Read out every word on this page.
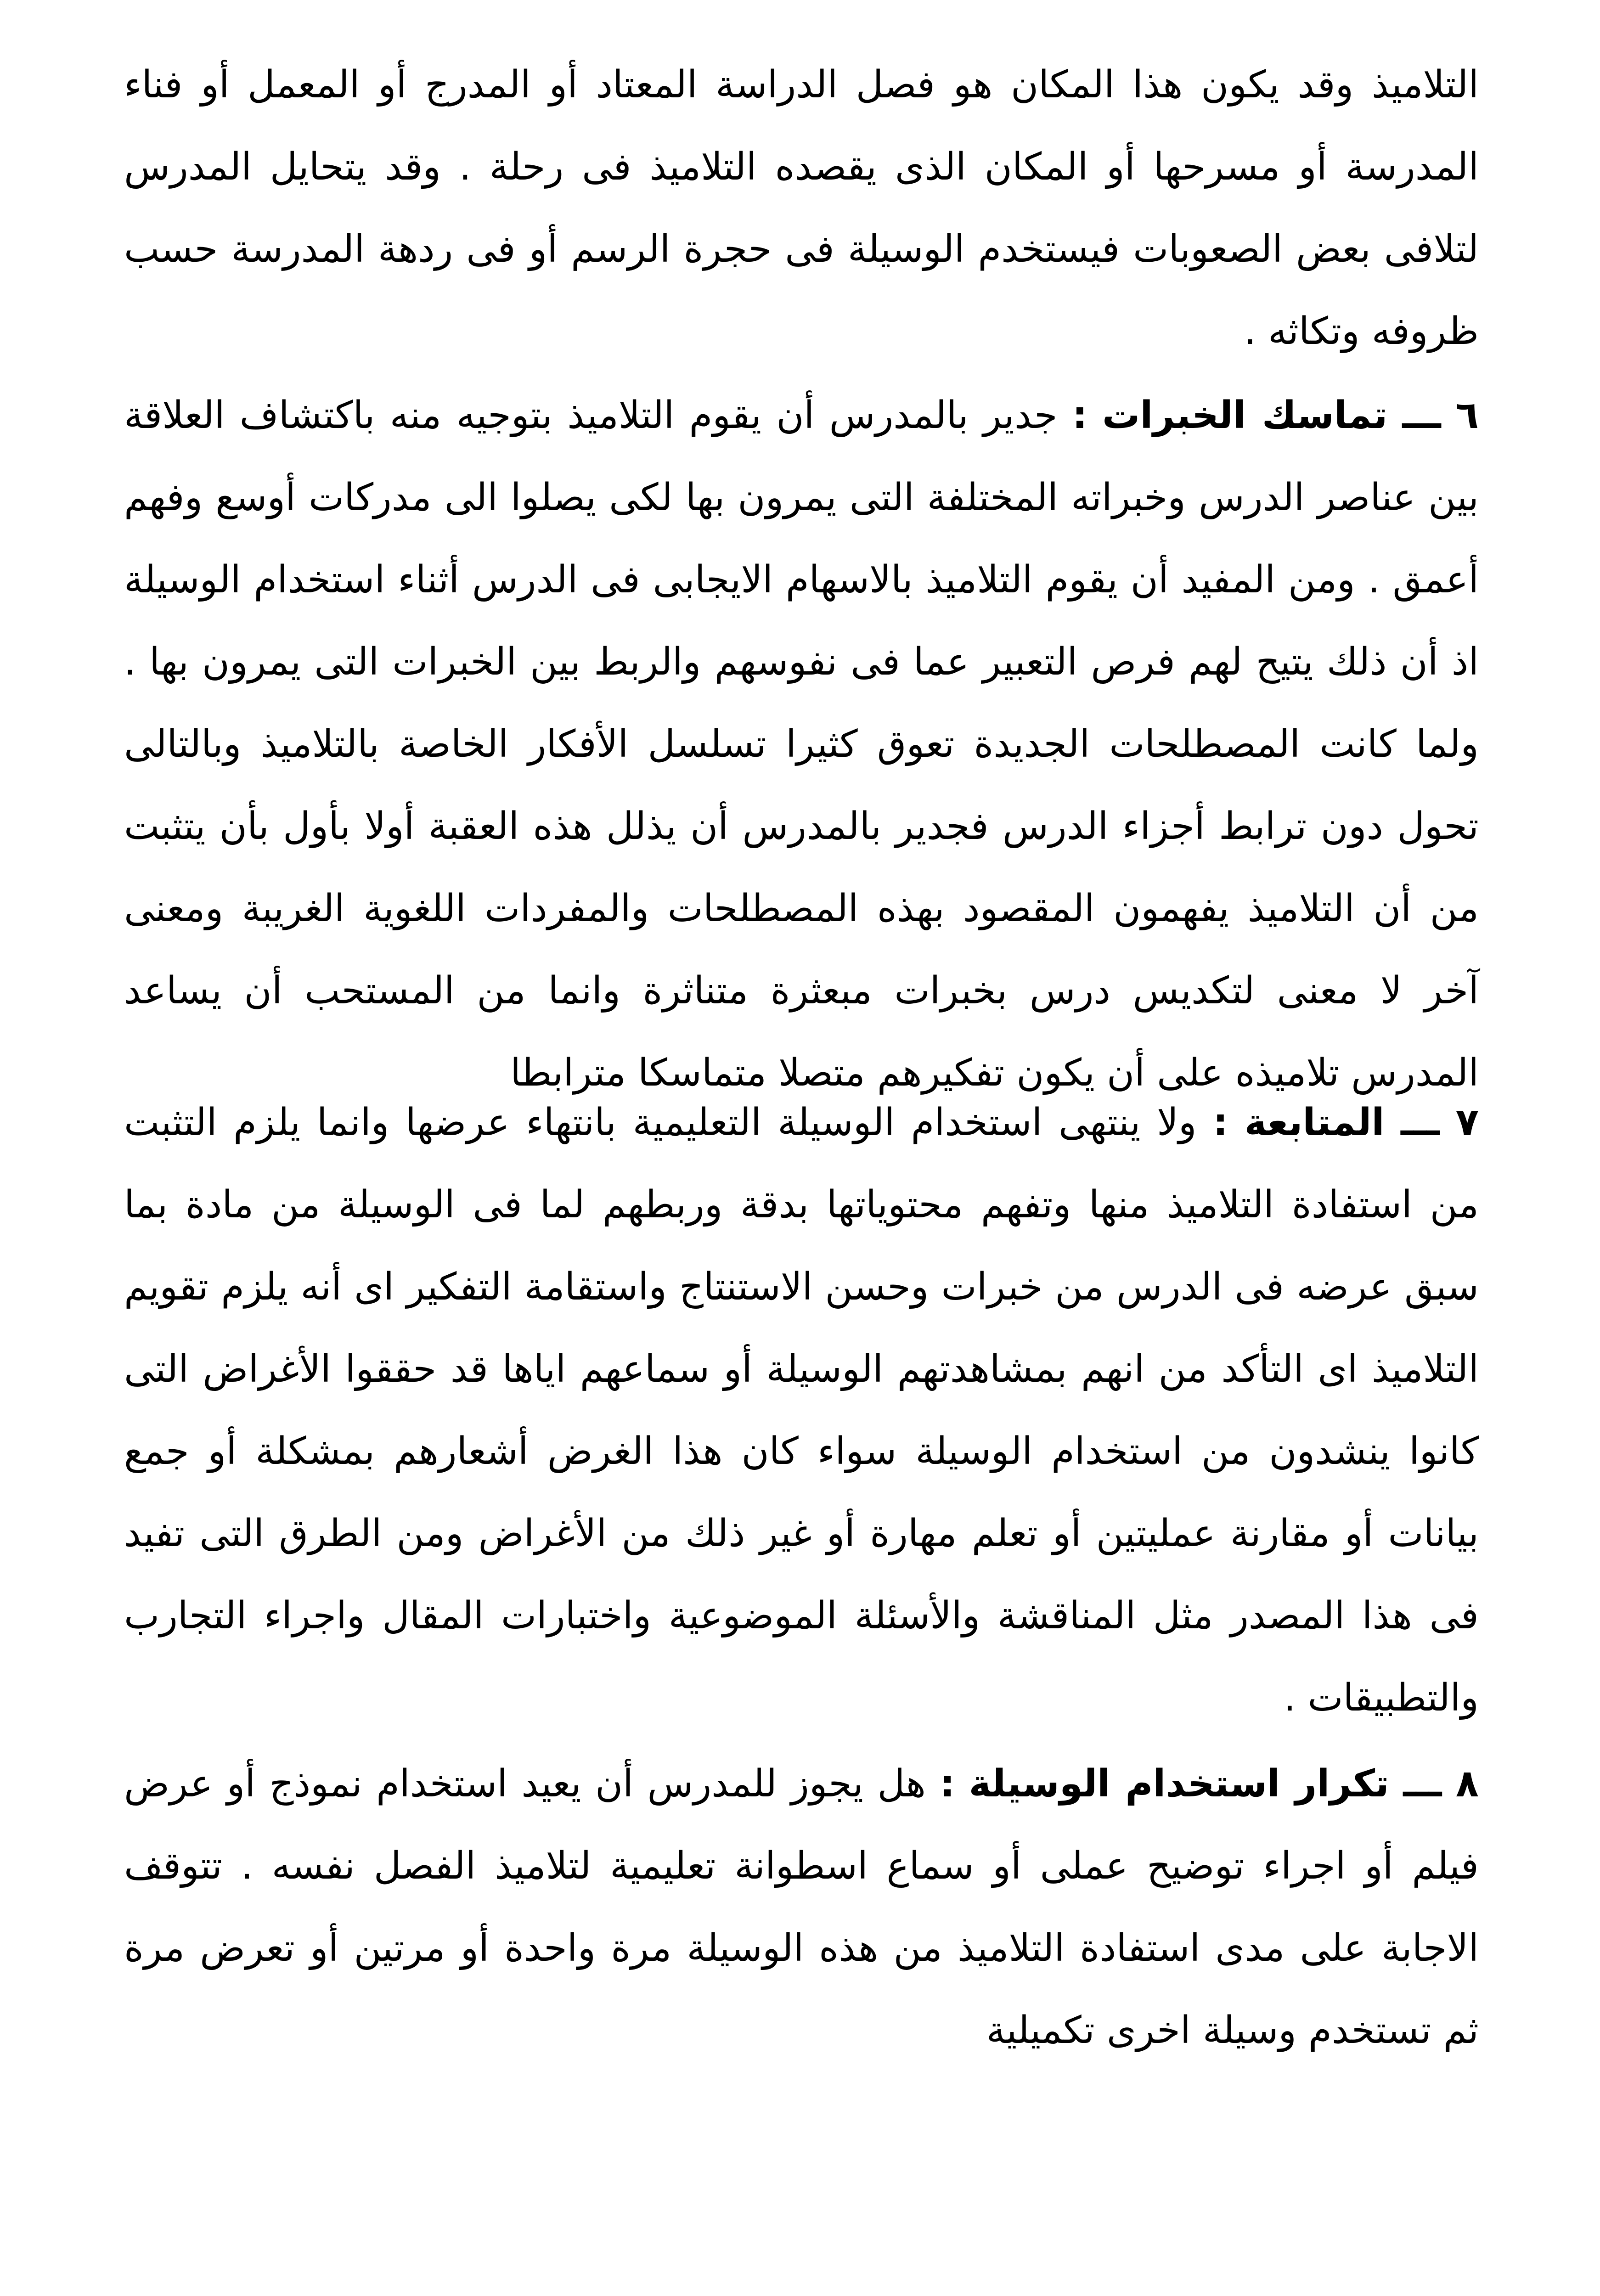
التلاميذ وقد يكون هذا المكان هو فصل الدراسة المعتاد أو المدرج أو المعمل أو فناء المدرسة أو مسرحها أو المكان الذى يقصده التلاميذ فى رحلة . وقد يتحايل المدرس لتلافى بعض الصعوبات فيستخدم الوسيلة فى حجرة الرسم أو فى ردهة المدرسة حسب ظروفه وتكاثه .
٦ ـــ تماسك الخبرات : جدير بالمدرس أن يقوم التلاميذ بتوجيه منه باكتشاف العلاقة بين عناصر الدرس وخبراته المختلفة التى يمرون بها لكى يصلوا الى مدركات أوسع وفهم أعمق . ومن المفيد أن يقوم التلاميذ بالاسهام الايجابى فى الدرس أثناء استخدام الوسيلة اذ أن ذلك يتيح لهم فرص التعبير عما فى نفوسهم والربط بين الخبرات التى يمرون بها . ولما كانت المصطلحات الجديدة تعوق كثيرا تسلسل الأفكار الخاصة بالتلاميذ وبالتالى تحول دون ترابط أجزاء الدرس فجدير بالمدرس أن يذلل هذه العقبة أولا بأول بأن يتثبت من أن التلاميذ يفهمون المقصود بهذه المصطلحات والمفردات اللغوية الغريبة ومعنى آخر لا معنى لتكديس درس بخبرات مبعثرة متناثرة وانما من المستحب أن يساعد المدرس تلاميذه على أن يكون تفكيرهم متصلا متماسكا مترابطا
٧ ـــ المتابعة : ولا ينتهى استخدام الوسيلة التعليمية بانتهاء عرضها وانما يلزم التثبت من استفادة التلاميذ منها وتفهم محتوياتها بدقة وربطهم لما فى الوسيلة من مادة بما سبق عرضه فى الدرس من خبرات وحسن الاستنتاج واستقامة التفكير اى أنه يلزم تقويم التلاميذ اى التأكد من انهم بمشاهدتهم الوسيلة أو سماعهم اياها قد حققوا الأغراض التى كانوا ينشدون من استخدام الوسيلة سواء كان هذا الغرض أشعارهم بمشكلة أو جمع بيانات أو مقارنة عمليتين أو تعلم مهارة أو غير ذلك من الأغراض ومن الطرق التى تفيد فى هذا المصدر مثل المناقشة والأسئلة الموضوعية واختبارات المقال واجراء التجارب والتطبيقات .
٨ ـــ تكرار استخدام الوسيلة : هل يجوز للمدرس أن يعيد استخدام نموذج أو عرض فيلم أو اجراء توضيح عملى أو سماع اسطوانة تعليمية لتلاميذ الفصل نفسه . تتوقف الاجابة على مدى استفادة التلاميذ من هذه الوسيلة مرة واحدة أو مرتين أو تعرض مرة ثم تستخدم وسيلة اخرى تكميلية
